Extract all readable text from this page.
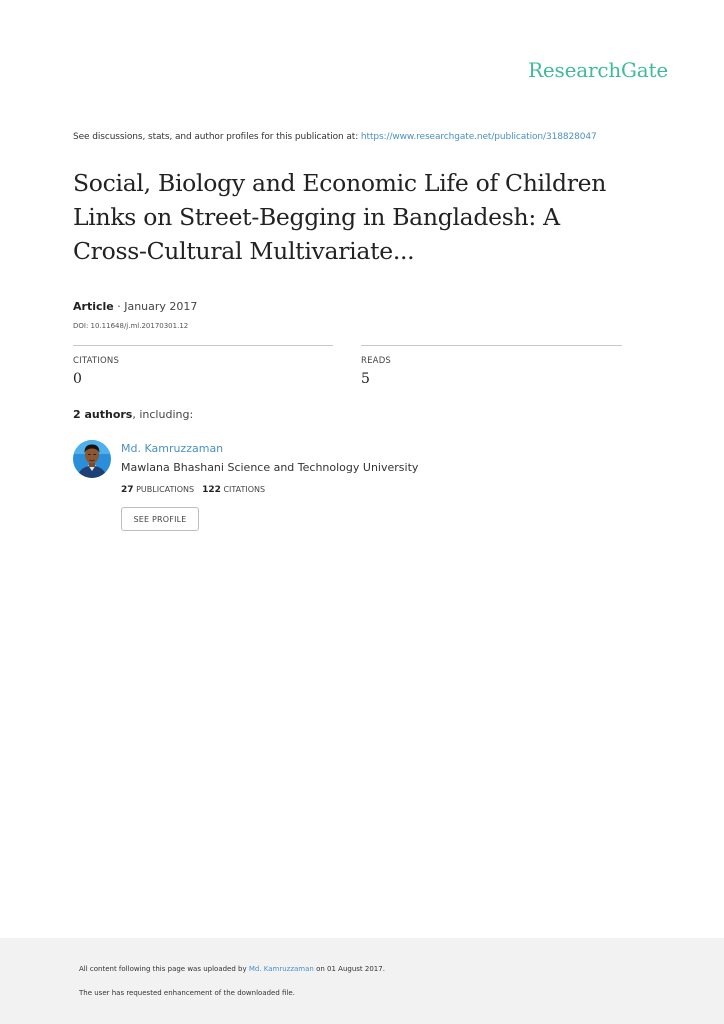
ResearchGate
See discussions, stats, and author profiles for this publication at: https://www.researchgate.net/publication/318828047
Social, Biology and Economic Life of Children
Links on Street-Begging in Bangladesh: A
Cross-Cultural Multivariate...
Article · January 2017
DOI: 10.11648/j.ml.20170301.12
CITATIONS
0
READS
5
2 authors, including:
Md. Kamruzzaman
Mawlana Bhashani Science and Technology University
27 PUBLICATIONS 122 CITATIONS
SEE PROFILE
All content following this page was uploaded by Md. Kamruzzaman on 01 August 2017.
The user has requested enhancement of the downloaded file.
